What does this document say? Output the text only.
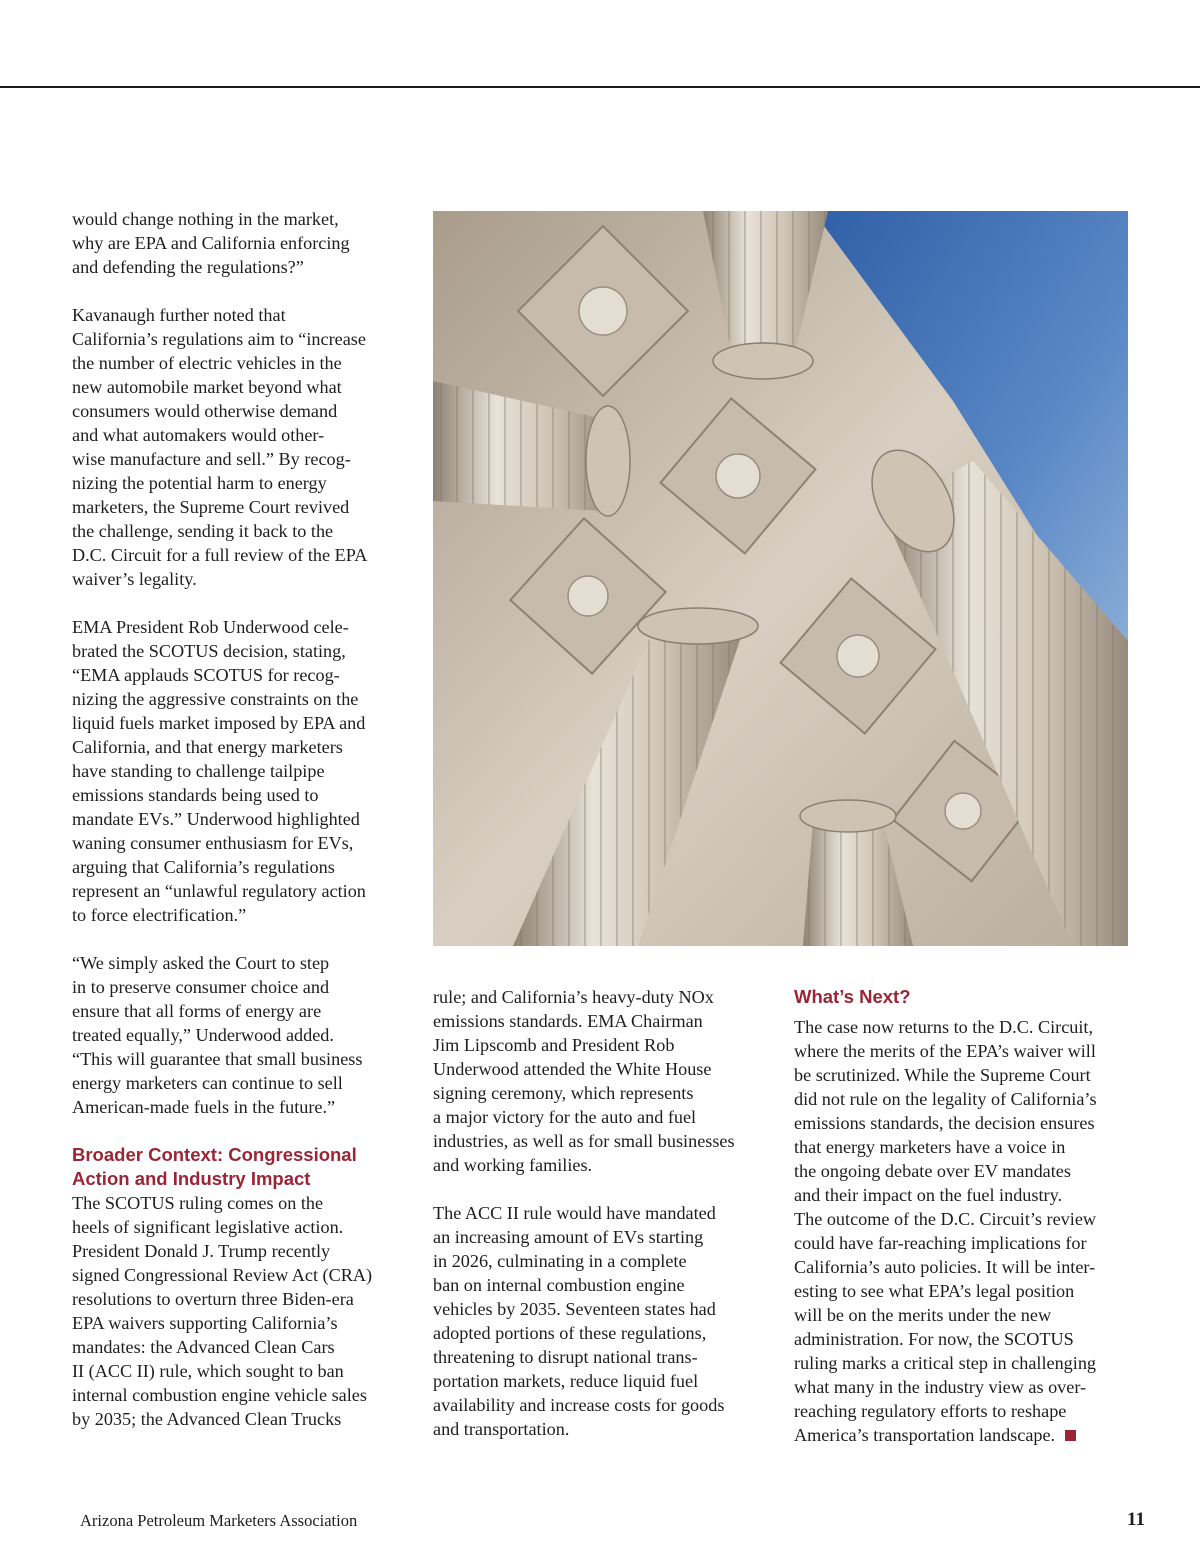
would change nothing in the market,
why are EPA and California enforcing
and defending the regulations?”

Kavanaugh further noted that
California’s regulations aim to “increase
the number of electric vehicles in the
new automobile market beyond what
consumers would otherwise demand
and what automakers would other-
wise manufacture and sell.” By recog-
nizing the potential harm to energy
marketers, the Supreme Court revived
the challenge, sending it back to the
D.C. Circuit for a full review of the EPA
waiver’s legality.

EMA President Rob Underwood cele-
brated the SCOTUS decision, stating,
“EMA applauds SCOTUS for recog-
nizing the aggressive constraints on the
liquid fuels market imposed by EPA and
California, and that energy marketers
have standing to challenge tailpipe
emissions standards being used to
mandate EVs.” Underwood highlighted
waning consumer enthusiasm for EVs,
arguing that California’s regulations
represent an “unlawful regulatory action
to force electrification.”

“We simply asked the Court to step
in to preserve consumer choice and
ensure that all forms of energy are
treated equally,” Underwood added.
“This will guarantee that small business
energy marketers can continue to sell
American-made fuels in the future.”

Broader Context: Congressional
Action and Industry Impact

The SCOTUS ruling comes on the
heels of significant legislative action.
President Donald J. Trump recently
signed Congressional Review Act (CRA)
resolutions to overturn three Biden-era
EPA waivers supporting California’s
mandates: the Advanced Clean Cars
II (ACC II) rule, which sought to ban
internal combustion engine vehicle sales
by 2035; the Advanced Clean Trucks

rule; and California’s heavy-duty NOx
emissions standards. EMA Chairman
Jim Lipscomb and President Rob
Underwood attended the White House
signing ceremony, which represents
a major victory for the auto and fuel
industries, as well as for small businesses
and working families.

The ACC II rule would have mandated
an increasing amount of EVs starting
in 2026, culminating in a complete
ban on internal combustion engine
vehicles by 2035. Seventeen states had
adopted portions of these regulations,
threatening to disrupt national trans-
portation markets, reduce liquid fuel
availability and increase costs for goods
and transportation.

What’s Next?

The case now returns to the D.C. Circuit,
where the merits of the EPA’s waiver will
be scrutinized. While the Supreme Court
did not rule on the legality of California’s
emissions standards, the decision ensures
that energy marketers have a voice in
the ongoing debate over EV mandates
and their impact on the fuel industry.
The outcome of the D.C. Circuit’s review
could have far-reaching implications for
California’s auto policies. It will be inter-
esting to see what EPA’s legal position
will be on the merits under the new
administration. For now, the SCOTUS
ruling marks a critical step in challenging
what many in the industry view as over-
reaching regulatory efforts to reshape
America’s transportation landscape.

Arizona Petroleum Marketers Association	11
